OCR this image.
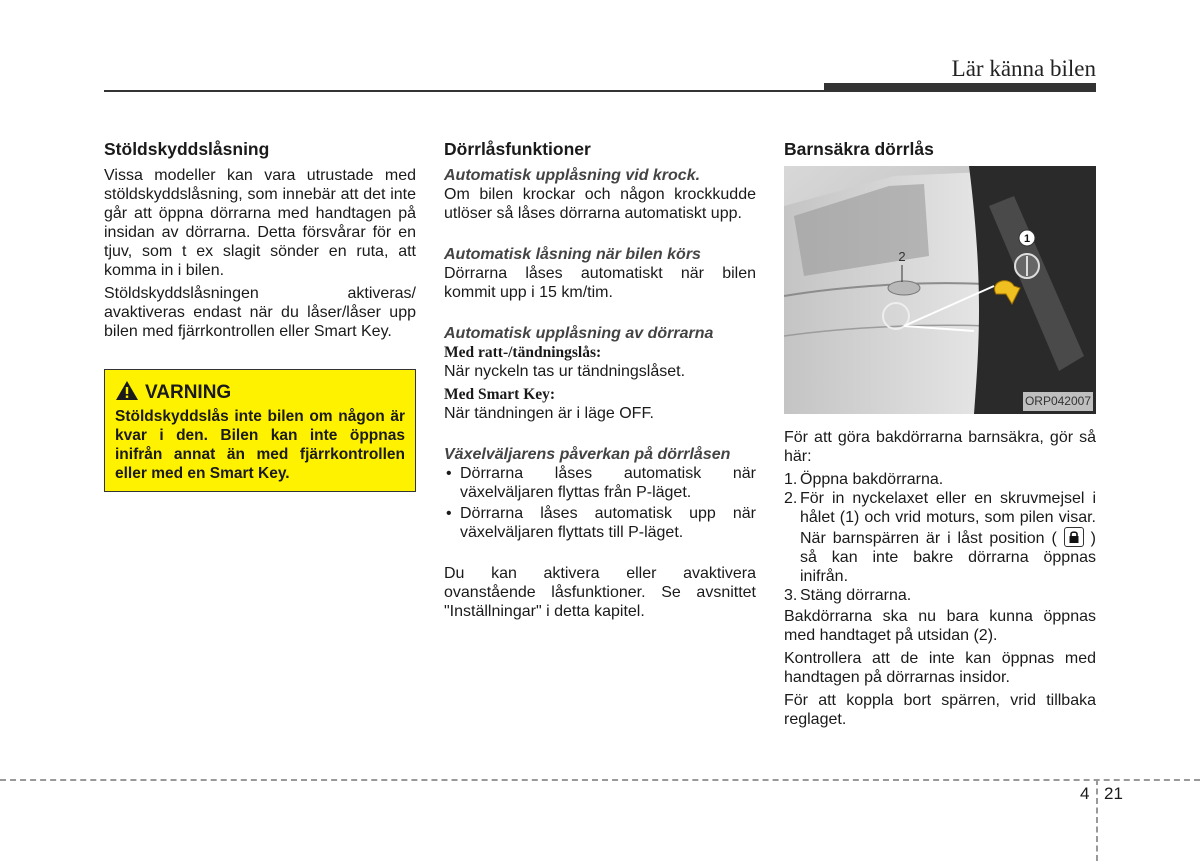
Lär känna bilen
Stöldskyddslåsning

Vissa modeller kan vara utrustade med stöldskyddslåsning, som innebär att det inte går att öppna dörrarna med handtagen på insidan av dörrarna. Detta försvårar för en tjuv, som t ex slagit sönder en ruta, att komma in i bilen.

Stöldskyddslåsningen aktiveras/ avaktiveras endast när du låser/låser upp bilen med fjärrkontrollen eller Smart Key.

VARNING
Stöldskyddslås inte bilen om någon är kvar i den. Bilen kan inte öppnas inifrån annat än med fjärrkontrollen eller med en Smart Key.
Dörrlåsfunktioner

Automatisk upplåsning vid krock.

Om bilen krockar och någon krockkudde utlöser så låses dörrarna automatiskt upp.

Automatisk låsning när bilen körs

Dörrarna låses automatiskt när bilen kommit upp i 15 km/tim.

Automatisk upplåsning av dörrarna

Med ratt-/tändningslås:

När nyckeln tas ur tändningslåset.

Med Smart Key:

När tändningen är i läge OFF.

Växelväljarens påverkan på dörrlåsen

• Dörrarna låses automatisk när växelväljaren flyttas från P-läget.
• Dörrarna låses automatisk upp när växelväljaren flyttats till P-läget.

Du kan aktivera eller avaktivera ovanstående låsfunktioner. Se avsnittet "Inställningar" i detta kapitel.

Barnsäkra dörrlås
1
2
ORP042007

För att göra bakdörrarna barnsäkra, gör så här:

1. Öppna bakdörrarna.
2. För in nyckelaxet eller en skruvmejsel i hålet (1) och vrid moturs, som pilen visar. När barnspärren är i låst position ( ) så kan inte bakre dörrarna öppnas inifrån.
3. Stäng dörrarna.

Bakdörrarna ska nu bara kunna öppnas med handtaget på utsidan (2).

Kontrollera att de inte kan öppnas med handtagen på dörrarnas insidor.

För att koppla bort spärren, vrid tillbaka reglaget.

4 21
